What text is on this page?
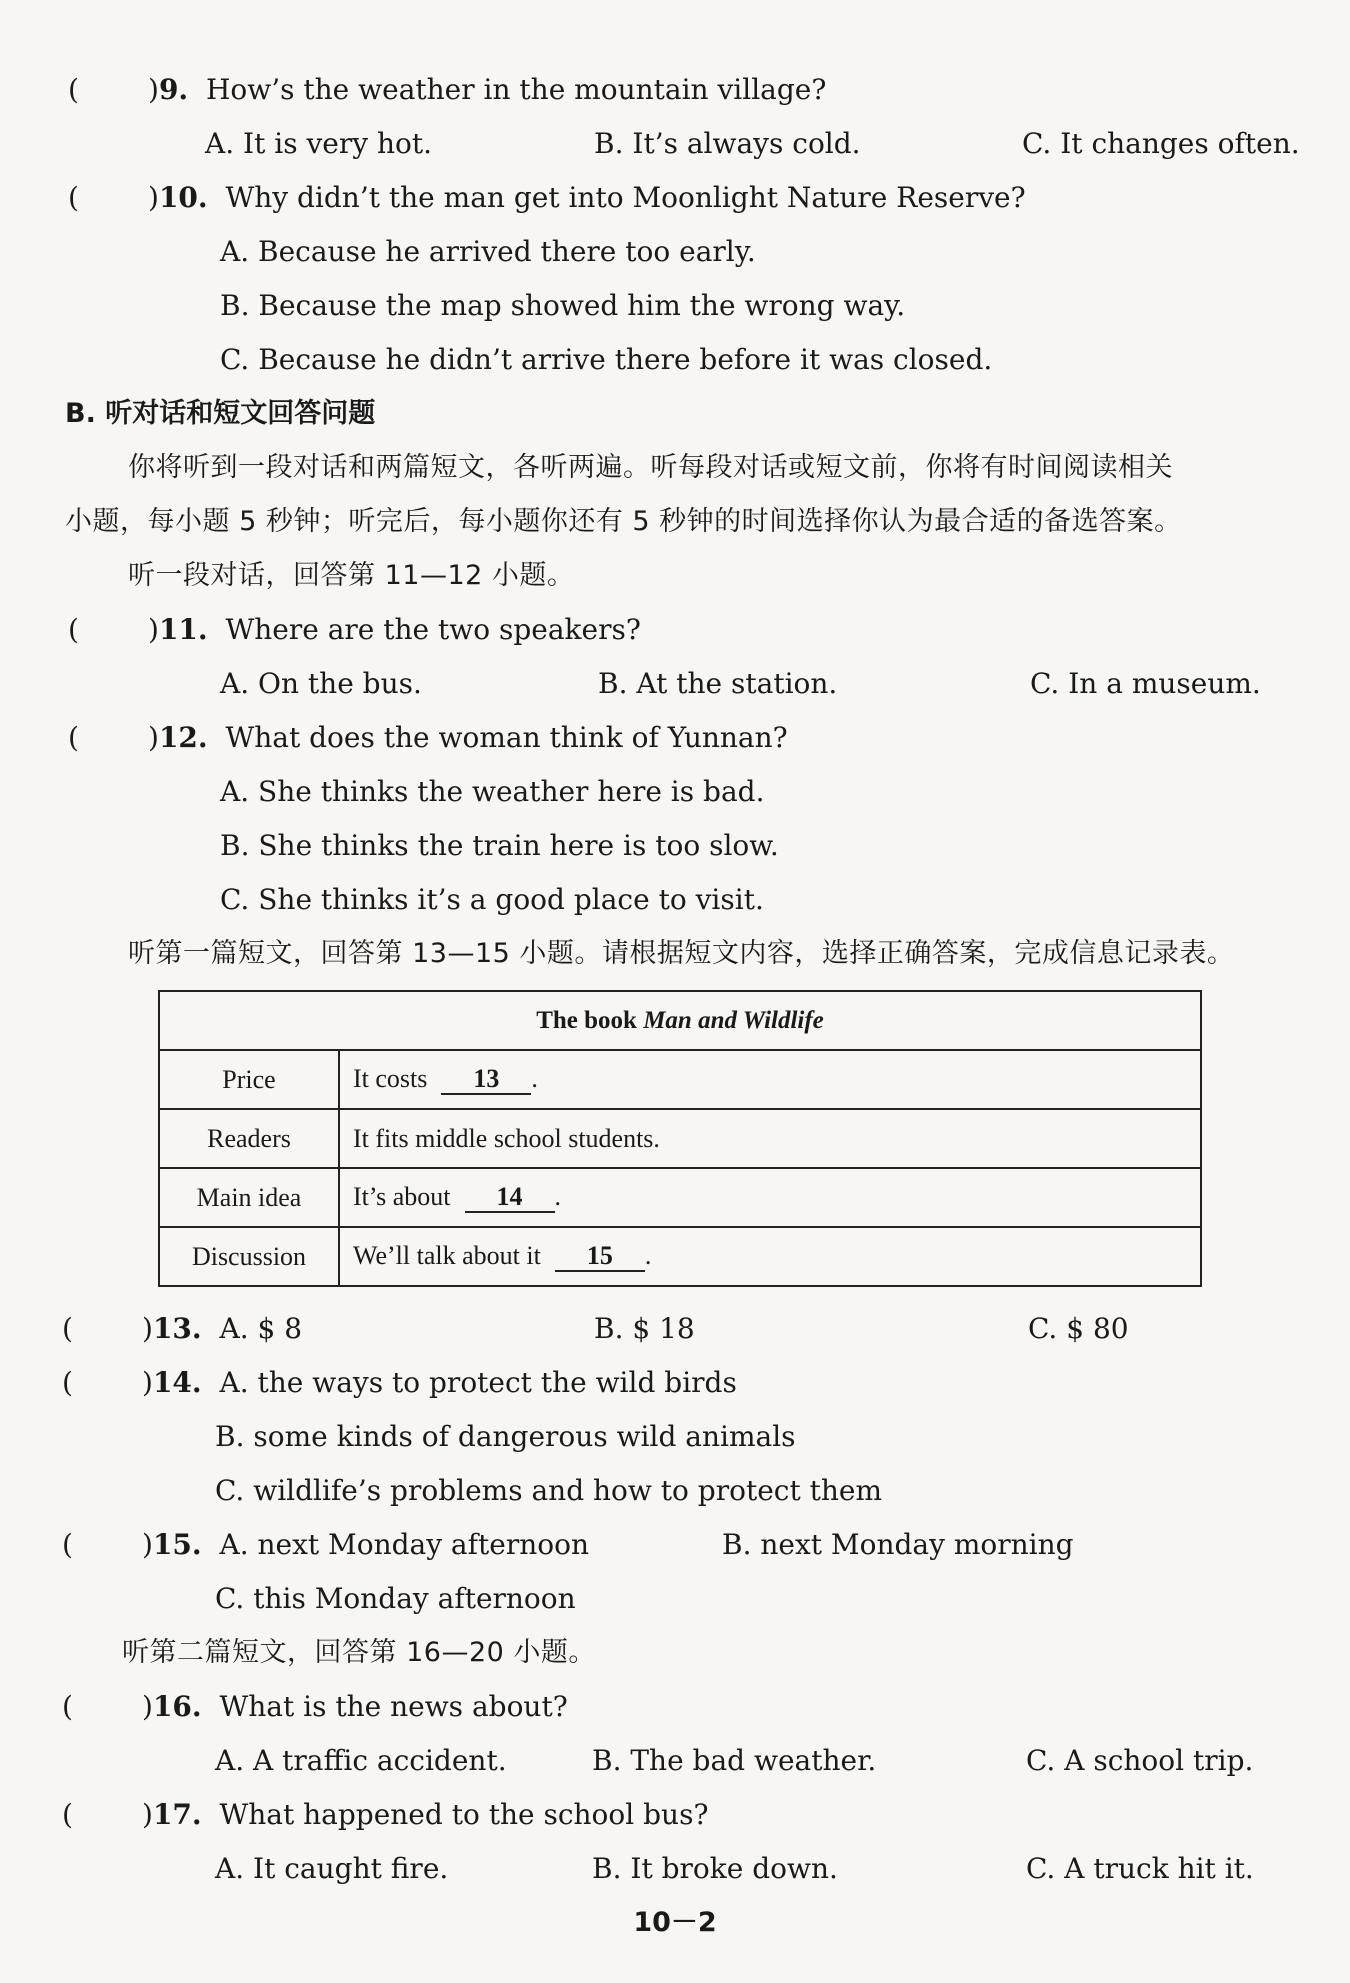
( )9. How’s the weather in the mountain village?
A. It is very hot.	B. It’s always cold.	C. It changes often.
( )10. Why didn’t the man get into Moonlight Nature Reserve?
A. Because he arrived there too early.
B. Because the map showed him the wrong way.
C. Because he didn’t arrive there before it was closed.
B. 听对话和短文回答问题
你将听到一段对话和两篇短文，各听两遍。听每段对话或短文前，你将有时间阅读相关
小题，每小题 5 秒钟；听完后，每小题你还有 5 秒钟的时间选择你认为最合适的备选答案。
听一段对话，回答第 11—12 小题。
( )11. Where are the two speakers?
A. On the bus.	B. At the station.	C. In a museum.
( )12. What does the woman think of Yunnan?
A. She thinks the weather here is bad.
B. She thinks the train here is too slow.
C. She thinks it’s a good place to visit.
听第一篇短文，回答第 13—15 小题。请根据短文内容，选择正确答案，完成信息记录表。
The book Man and Wildlife	
Price	It costs 13 .
Readers	It fits middle school students.
Main idea	It’s about 14 .
Discussion	We’ll talk about it 15 .
( )13. A. $ 8	B. $ 18	C. $ 80
( )14. A. the ways to protect the wild birds
B. some kinds of dangerous wild animals
C. wildlife’s problems and how to protect them
( )15. A. next Monday afternoon	B. next Monday morning
C. this Monday afternoon
听第二篇短文，回答第 16—20 小题。
( )16. What is the news about?
A. A traffic accident.	B. The bad weather.	C. A school trip.
( )17. What happened to the school bus?
A. It caught fire.	B. It broke down.	C. A truck hit it.
10－2
